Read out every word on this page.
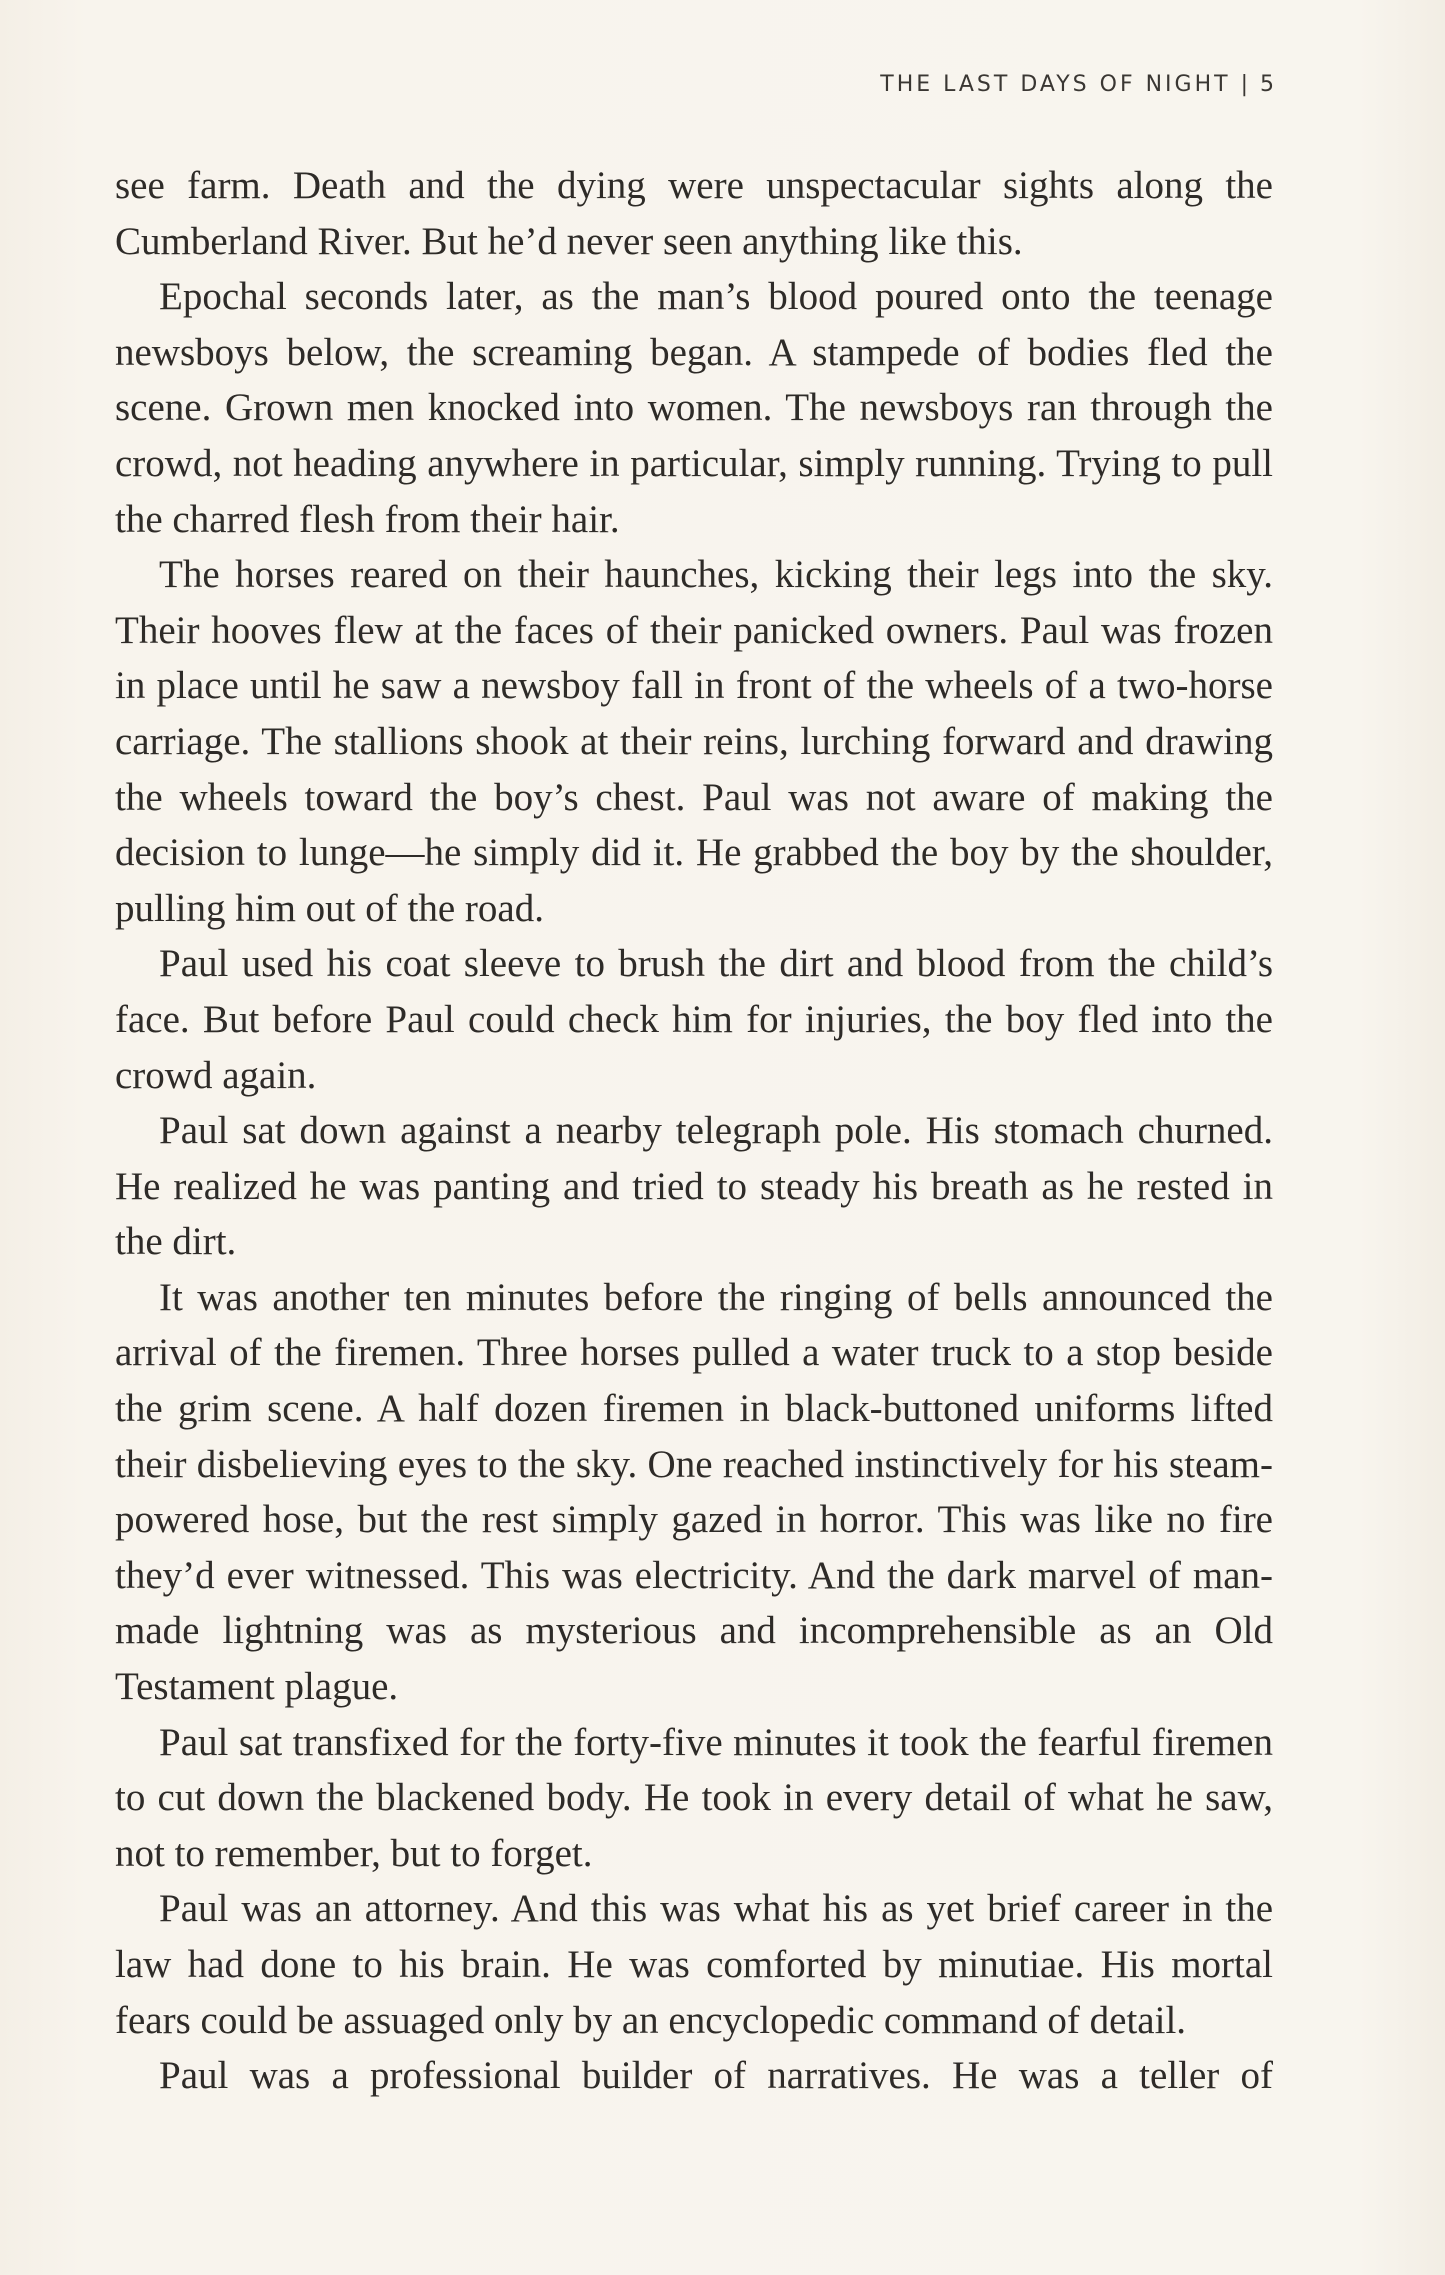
THE LAST DAYS OF NIGHT | 5

see farm. Death and the dying were unspectacular sights along the Cumberland River. But he’d never seen anything like this.

Epochal seconds later, as the man’s blood poured onto the teenage newsboys below, the screaming began. A stampede of bodies fled the scene. Grown men knocked into women. The newsboys ran through the crowd, not heading anywhere in particular, simply running. Trying to pull the charred flesh from their hair.

The horses reared on their haunches, kicking their legs into the sky. Their hooves flew at the faces of their panicked owners. Paul was frozen in place until he saw a newsboy fall in front of the wheels of a two-horse carriage. The stallions shook at their reins, lurching forward and drawing the wheels toward the boy’s chest. Paul was not aware of making the decision to lunge—he simply did it. He grabbed the boy by the shoulder, pulling him out of the road.

Paul used his coat sleeve to brush the dirt and blood from the child’s face. But before Paul could check him for injuries, the boy fled into the crowd again.

Paul sat down against a nearby telegraph pole. His stomach churned. He realized he was panting and tried to steady his breath as he rested in the dirt.

It was another ten minutes before the ringing of bells announced the arrival of the firemen. Three horses pulled a water truck to a stop beside the grim scene. A half dozen firemen in black-buttoned uniforms lifted their disbelieving eyes to the sky. One reached instinctively for his steam-powered hose, but the rest simply gazed in horror. This was like no fire they’d ever witnessed. This was electricity. And the dark marvel of man-made lightning was as mysterious and incomprehensible as an Old Testament plague.

Paul sat transfixed for the forty-five minutes it took the fearful firemen to cut down the blackened body. He took in every detail of what he saw, not to remember, but to forget.

Paul was an attorney. And this was what his as yet brief career in the law had done to his brain. He was comforted by minutiae. His mortal fears could be assuaged only by an encyclopedic command of detail.

Paul was a professional builder of narratives. He was a teller of
